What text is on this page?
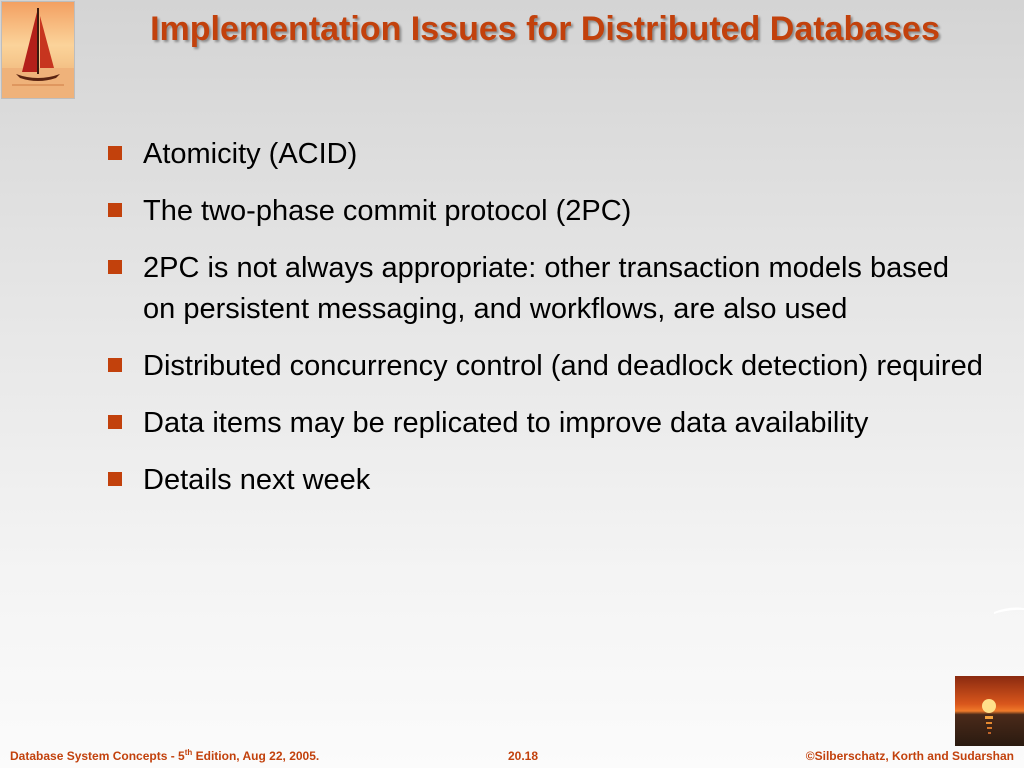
Implementation Issues for Distributed Databases
Atomicity (ACID)
The two-phase commit protocol (2PC)
2PC is not always appropriate: other transaction models based on persistent messaging, and workflows, are also used
Distributed concurrency control (and deadlock detection) required
Data items may be replicated to improve data availability
Details next week
Database System Concepts - 5th Edition, Aug 22, 2005.	20.18	©Silberschatz, Korth and Sudarshan
